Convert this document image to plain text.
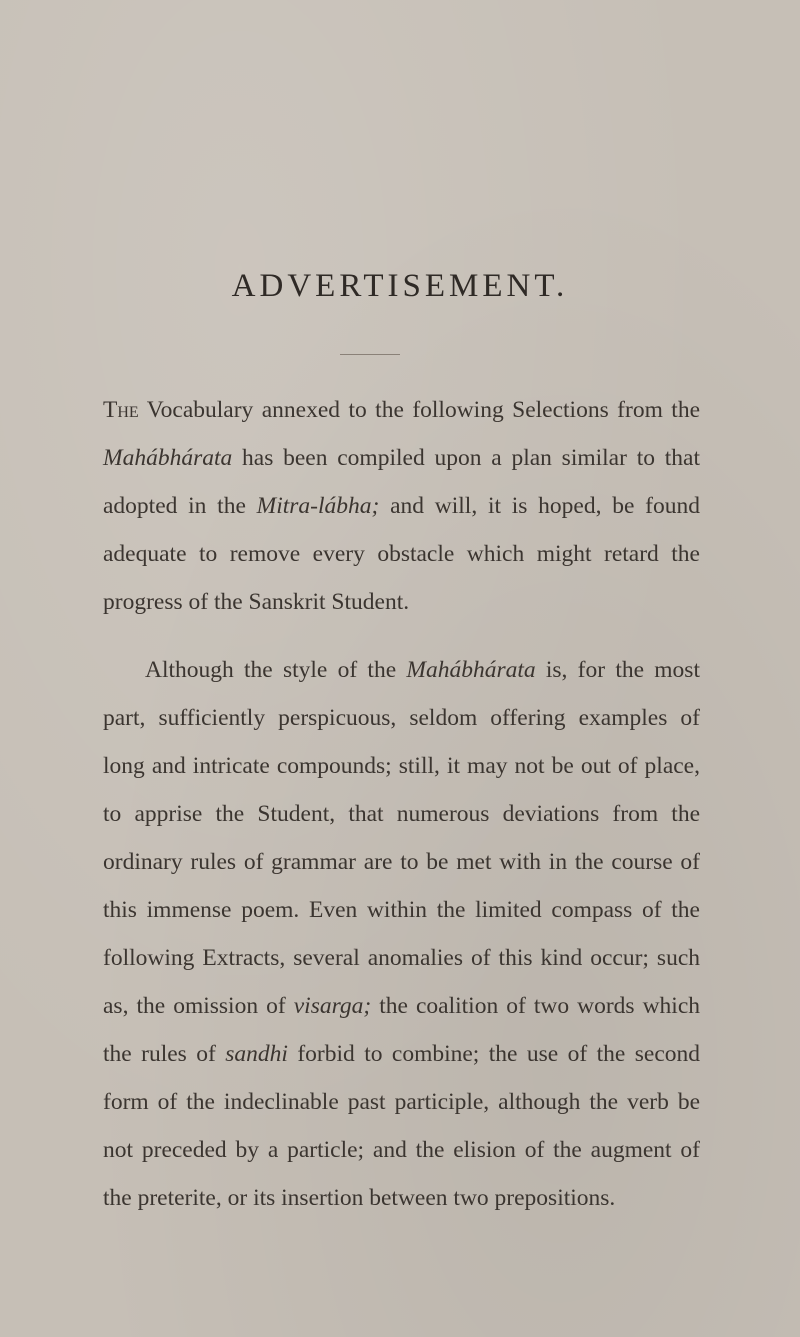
ADVERTISEMENT.

The Vocabulary annexed to the following Selections from the Mahábhárata has been compiled upon a plan similar to that adopted in the Mitra-lábha; and will, it is hoped, be found adequate to remove every obstacle which might retard the progress of the Sanskrit Student.

Although the style of the Mahábhárata is, for the most part, sufficiently perspicuous, seldom offering examples of long and intricate compounds; still, it may not be out of place, to apprise the Student, that numerous deviations from the ordinary rules of grammar are to be met with in the course of this immense poem. Even within the limited compass of the following Extracts, several anomalies of this kind occur; such as, the omission of visarga; the coalition of two words which the rules of sandhi forbid to combine; the use of the second form of the indeclinable past participle, although the verb be not preceded by a particle; and the elision of the augment of the preterite, or its insertion between two prepositions.
